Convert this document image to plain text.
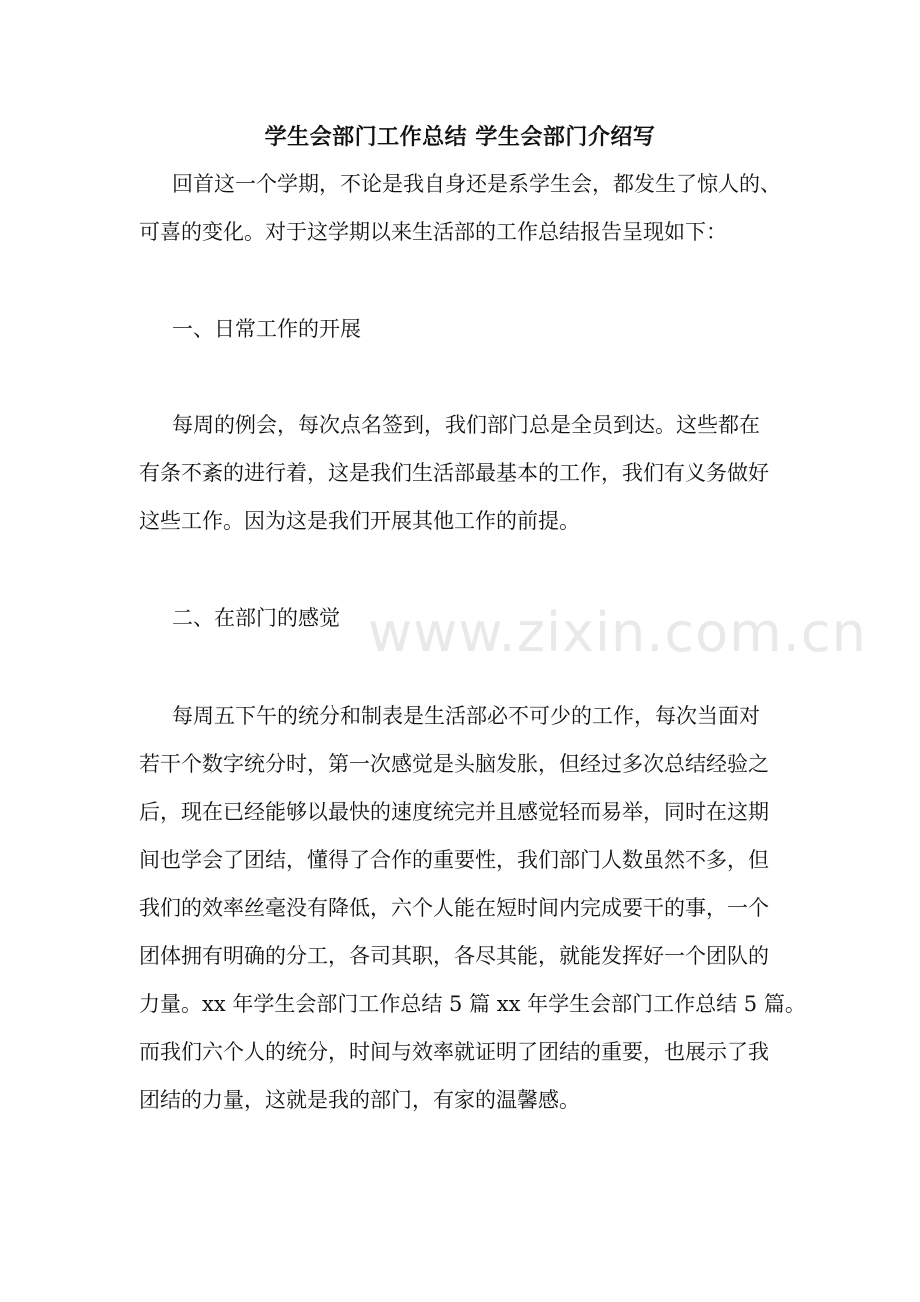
学生会部门工作总结 学生会部门介绍写
回首这一个学期，不论是我自身还是系学生会，都发生了惊人的、
可喜的变化。对于这学期以来生活部的工作总结报告呈现如下：
一、日常工作的开展
每周的例会，每次点名签到，我们部门总是全员到达。这些都在
有条不紊的进行着，这是我们生活部最基本的工作，我们有义务做好
这些工作。因为这是我们开展其他工作的前提。
二、在部门的感觉
每周五下午的统分和制表是生活部必不可少的工作，每次当面对
若干个数字统分时，第一次感觉是头脑发胀，但经过多次总结经验之
后，现在已经能够以最快的速度统完并且感觉轻而易举，同时在这期
间也学会了团结，懂得了合作的重要性，我们部门人数虽然不多，但
我们的效率丝毫没有降低，六个人能在短时间内完成要干的事，一个
团体拥有明确的分工，各司其职，各尽其能，就能发挥好一个团队的
力量。xx 年学生会部门工作总结 5 篇 xx 年学生会部门工作总结 5 篇。
而我们六个人的统分，时间与效率就证明了团结的重要，也展示了我
团结的力量，这就是我的部门，有家的温馨感。
www.zixin.com.cn
